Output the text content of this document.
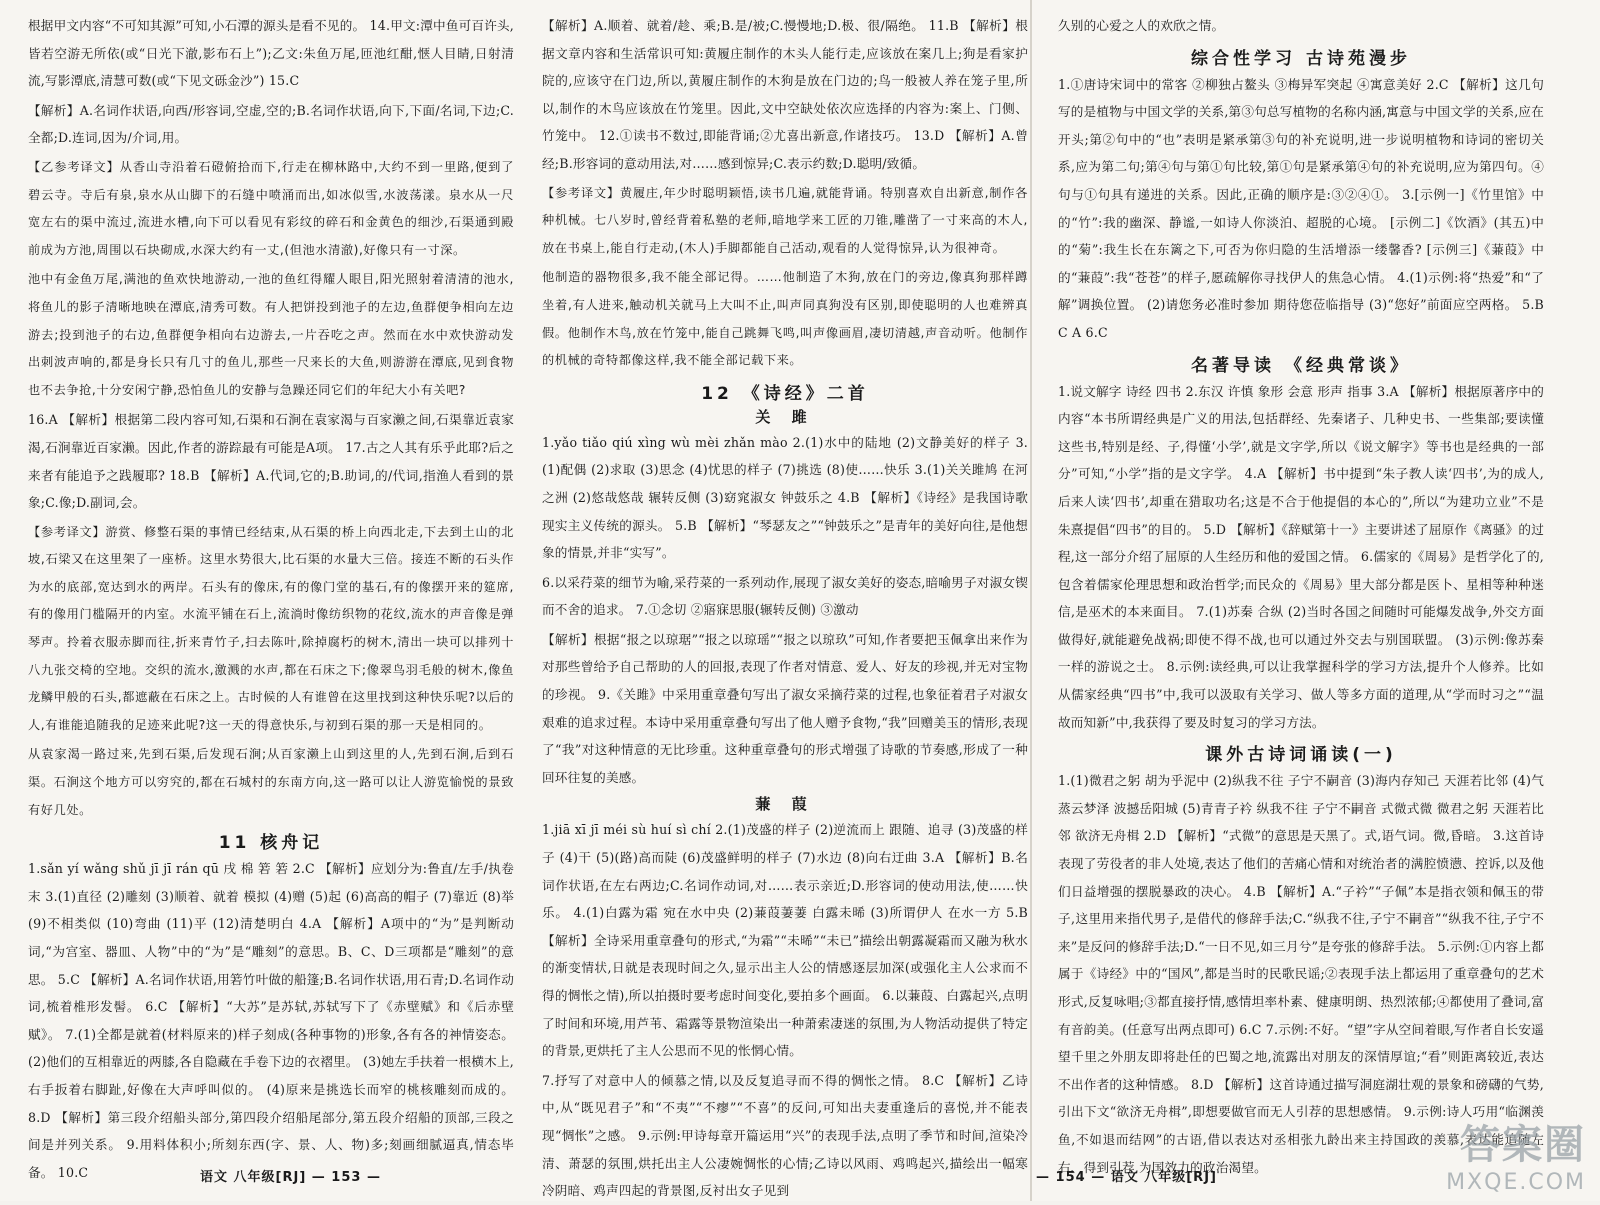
根据甲文内容“不可知其源”可知,小石潭的源头是看不见的。 14.甲文:潭中鱼可百许头,皆若空游无所依(或“日光下澈,影布石上”);乙文:朱鱼万尾,匝池红酣,惬人目睛,日射清流,写影潭底,清慧可数(或“下见文砾金沙”) 15.C

【解析】A.名词作状语,向西/形容词,空虚,空的;B.名词作状语,向下,下面/名词,下边;C.全都;D.连词,因为/介词,用。

【乙参考译文】从香山寺沿着石磴俯拾而下,行走在柳林路中,大约不到一里路,便到了碧云寺。寺后有泉,泉水从山脚下的石缝中喷涌而出,如冰似雪,水波荡漾。泉水从一尺宽左右的渠中流过,流进水槽,向下可以看见有彩纹的碎石和金黄色的细沙,石渠通到殿前成为方池,周围以石块砌成,水深大约有一丈,(但池水清澈),好像只有一寸深。

池中有金鱼万尾,满池的鱼欢快地游动,一池的鱼红得耀人眼目,阳光照射着清清的池水,将鱼儿的影子清晰地映在潭底,清秀可数。有人把饼投到池子的左边,鱼群便争相向左边游去;投到池子的右边,鱼群便争相向右边游去,一片吞吃之声。然而在水中欢快游动发出刺波声响的,都是身长只有几寸的鱼儿,那些一尺来长的大鱼,则游游在潭底,见到食物也不去争抢,十分安闲宁静,恐怕鱼儿的安静与急躁还同它们的年纪大小有关吧?

16.A 【解析】根据第二段内容可知,石渠和石涧在袁家渴与百家濑之间,石渠靠近袁家渴,石涧靠近百家濑。因此,作者的游踪最有可能是A项。 17.古之人其有乐乎此耶?后之来者有能追予之践履耶? 18.B 【解析】A.代词,它的;B.助词,的/代词,指渔人看到的景象;C.像;D.副词,会。

【参考译文】游赏、修整石渠的事情已经结束,从石渠的桥上向西北走,下去到土山的北坡,石梁又在这里架了一座桥。这里水势很大,比石渠的水量大三倍。接连不断的石头作为水的底部,宽达到水的两岸。石头有的像床,有的像门堂的基石,有的像摆开来的筵席,有的像用门槛隔开的内室。水流平铺在石上,流淌时像纺织物的花纹,流水的声音像是弹琴声。拎着衣服赤脚而往,折来青竹子,扫去陈叶,除掉腐朽的树木,清出一块可以排列十八九张交椅的空地。交织的流水,激溅的水声,都在石床之下;像翠鸟羽毛般的树木,像鱼龙鳞甲般的石头,都遮蔽在石床之上。古时候的人有谁曾在这里找到这种快乐呢?以后的人,有谁能追随我的足迹来此呢?这一天的得意快乐,与初到石渠的那一天是相同的。

从袁家渴一路过来,先到石渠,后发现石涧;从百家濑上山到这里的人,先到石涧,后到石渠。石涧这个地方可以穷究的,都在石城村的东南方向,这一路可以让人游览愉悦的景致有好几处。

11 核舟记

1.sǎn yí wǎng shǔ jī jī rán qū 戌 棉 箬 箬 2.C 【解析】应划分为:鲁直/左手/执卷末 3.(1)直径 (2)雕刻 (3)顺着、就着 模拟 (4)赠 (5)起 (6)高高的帽子 (7)靠近 (8)举 (9)不相类似 (10)弯曲 (11)平 (12)清楚明白 4.A 【解析】A项中的“为”是判断动词,“为宫室、器皿、人物”中的“为”是“雕刻”的意思。B、C、D三项都是“雕刻”的意思。 5.C 【解析】A.名词作状语,用箬竹叶做的船篷;B.名词作状语,用石青;D.名词作动词,梳着椎形发髻。 6.C 【解析】“大苏”是苏轼,苏轼写下了《赤壁赋》和《后赤壁赋》。 7.(1)全都是就着(材料原来的)样子刻成(各种事物的)形象,各有各的神情姿态。 (2)他们的互相靠近的两膝,各自隐藏在手卷下边的衣褶里。 (3)她左手扶着一根横木上,右手扳着右脚趾,好像在大声呼叫似的。 (4)原来是挑选长而窄的桃核雕刻而成的。 8.D 【解析】第三段介绍船头部分,第四段介绍船尾部分,第五段介绍船的顶部,三段之间是并列关系。 9.用料体积小;所刻东西(字、景、人、物)多;刻画细腻逼真,情态毕备。 10.C

【解析】A.顺着、就着/趁、乘;B.是/被;C.慢慢地;D.极、很/隔绝。 11.B 【解析】根据文章内容和生活常识可知:黄履庄制作的木头人能行走,应该放在案几上;狗是看家护院的,应该守在门边,所以,黄履庄制作的木狗是放在门边的;鸟一般被人养在笼子里,所以,制作的木鸟应该放在竹笼里。因此,文中空缺处依次应选择的内容为:案上、门侧、竹笼中。 12.①读书不数过,即能背诵;②尤喜出新意,作诸技巧。 13.D 【解析】A.曾经;B.形容词的意动用法,对……感到惊异;C.表示约数;D.聪明/致循。

【参考译文】黄履庄,年少时聪明颖悟,读书几遍,就能背诵。特别喜欢自出新意,制作各种机械。七八岁时,曾经背着私塾的老师,暗地学来工匠的刀锥,雕凿了一寸来高的木人,放在书桌上,能自行走动,(木人)手脚都能自己活动,观看的人觉得惊异,认为很神奇。

他制造的器物很多,我不能全部记得。……他制造了木狗,放在门的旁边,像真狗那样蹲坐着,有人进来,触动机关就马上大叫不止,叫声同真狗没有区别,即使聪明的人也难辨真假。他制作木鸟,放在竹笼中,能自己跳舞飞鸣,叫声像画眉,凄切清越,声音动听。他制作的机械的奇特都像这样,我不能全部记载下来。

12 《诗经》二首
关 雎

1.yǎo tiǎo qiú xìng wù mèi zhǎn mào 2.(1)水中的陆地 (2)文静美好的样子 3.(1)配偶 (2)求取 (3)思念 (4)忧思的样子 (7)挑选 (8)使……快乐 3.(1)关关雎鸠 在河之洲 (2)悠哉悠哉 辗转反侧 (3)窈窕淑女 钟鼓乐之 4.B 【解析】《诗经》是我国诗歌现实主义传统的源头。 5.B 【解析】“琴瑟友之”“钟鼓乐之”是青年的美好向往,是他想象的情景,并非“实写”。

6.以采荇菜的细节为喻,采荇菜的一系列动作,展现了淑女美好的姿态,暗喻男子对淑女锲而不舍的追求。 7.①念切 ②寤寐思服(辗转反侧) ③激动

【解析】根据“报之以琼琚”“报之以琼瑶”“报之以琼玖”可知,作者要把玉佩拿出来作为对那些曾给予自己帮助的人的回报,表现了作者对情意、爱人、好友的珍视,并无对宝物的珍视。 9.《关雎》中采用重章叠句写出了淑女采摘荇菜的过程,也象征着君子对淑女艰难的追求过程。本诗中采用重章叠句写出了他人赠予食物,“我”回赠美玉的情形,表现了“我”对这种情意的无比珍重。这种重章叠句的形式增强了诗歌的节奏感,形成了一种回环往复的美感。

蒹 葭

1.jiā xī jī méi sù huí sì chí 2.(1)茂盛的样子 (2)逆流而上 跟随、追寻 (3)茂盛的样子 (4)干 (5)(路)高而陡 (6)茂盛鲜明的样子 (7)水边 (8)向右迂曲 3.A 【解析】B.名词作状语,在左右两边;C.名词作动词,对……表示亲近;D.形容词的使动用法,使……快乐。 4.(1)白露为霜 宛在水中央 (2)蒹葭萋萋 白露未晞 (3)所谓伊人 在水一方 5.B 【解析】全诗采用重章叠句的形式,“为霜”“未晞”“未已”描绘出朝露凝霜而又融为秋水的渐变情状,日就是表现时间之久,显示出主人公的情感逐层加深(或强化主人公求而不得的惆怅之情),所以拍摄时要考虑时间变化,要拍多个画面。 6.以蒹葭、白露起兴,点明了时间和环境,用芦苇、霜露等景物渲染出一种萧索凄迷的氛围,为人物活动提供了特定的背景,更烘托了主人公思而不见的怅惘心情。

7.抒写了对意中人的倾慕之情,以及反复追寻而不得的惆怅之情。 8.C 【解析】乙诗中,从“既见君子”和“不夷”“不瘳”“不喜”的反问,可知出夫妻重逢后的喜悦,并不能表现“惆怅”之感。 9.示例:甲诗每章开篇运用“兴”的表现手法,点明了季节和时间,渲染冷清、萧瑟的氛围,烘托出主人公凄婉惆怅的心情;乙诗以风雨、鸡鸣起兴,描绘出一幅寒冷阴暗、鸡声四起的背景图,反衬出女子见到

久别的心爱之人的欢欣之情。

综合性学习 古诗苑漫步

1.①唐诗宋词中的常客 ②柳独占鳌头 ③梅异军突起 ④寓意美好 2.C 【解析】这几句写的是植物与中国文学的关系,第③句总写植物的名称内涵,寓意与中国文学的关系,应在开头;第②句中的“也”表明是紧承第③句的补充说明,进一步说明植物和诗词的密切关系,应为第二句;第④句与第①句比较,第①句是紧承第④句的补充说明,应为第四句。④句与①句具有递进的关系。因此,正确的顺序是:③②④①。 3.[示例一]《竹里馆》中的“竹”:我的幽深、静谧,一如诗人你淡泊、超脱的心境。 [示例二]《饮酒》(其五)中的“菊”:我生长在东篱之下,可否为你归隐的生活增添一缕馨香? [示例三]《蒹葭》中的“蒹葭”:我“苍苍”的样子,愿疏解你寻找伊人的焦急心情。 4.(1)示例:将“热爱”和“了解”调换位置。 (2)请您务必准时参加 期待您莅临指导 (3)“您好”前面应空两格。 5.B C A 6.C

名著导读 《经典常谈》

1.说文解字 诗经 四书 2.东汉 许慎 象形 会意 形声 指事 3.A 【解析】根据原著序中的内容“本书所谓经典是广义的用法,包括群经、先秦诸子、几种史书、一些集部;要读懂这些书,特别是经、子,得懂‘小学’,就是文字学,所以《说文解字》等书也是经典的一部分”可知,“小学”指的是文字学。 4.A 【解析】书中提到“朱子教人读‘四书’,为的成人,后来人读‘四书’,却重在猎取功名;这是不合于他提倡的本心的”,所以“为建功立业”不是朱熹提倡“四书”的目的。 5.D 【解析】《辞赋第十一》主要讲述了屈原作《离骚》的过程,这一部分介绍了屈原的人生经历和他的爱国之情。 6.儒家的《周易》是哲学化了的,包含着儒家伦理思想和政治哲学;而民众的《周易》里大部分都是医卜、星相等种种迷信,是巫术的本来面目。 7.(1)苏秦 合纵 (2)当时各国之间随时可能爆发战争,外交方面做得好,就能避免战祸;即使不得不战,也可以通过外交去与别国联盟。 (3)示例:像苏秦一样的游说之士。 8.示例:读经典,可以让我掌握科学的学习方法,提升个人修养。比如从儒家经典“四书”中,我可以汲取有关学习、做人等多方面的道理,从“学而时习之”“温故而知新”中,我获得了要及时复习的学习方法。

课外古诗词诵读(一)

1.(1)微君之躬 胡为乎泥中 (2)纵我不往 子宁不嗣音 (3)海内存知己 天涯若比邻 (4)气蒸云梦泽 波撼岳阳城 (5)青青子衿 纵我不往 子宁不嗣音 式微式微 微君之躬 天涯若比邻 欲济无舟楫 2.D 【解析】“式微”的意思是天黑了。式,语气词。微,昏暗。 3.这首诗表现了劳役者的非人处境,表达了他们的苦痛心情和对统治者的满腔愤懑、控诉,以及他们日益增强的摆脱暴政的决心。 4.B 【解析】A.“子衿”“子佩”本是指衣领和佩玉的带子,这里用来指代男子,是借代的修辞手法;C.“纵我不往,子宁不嗣音”“纵我不往,子宁不来”是反问的修辞手法;D.“一日不见,如三月兮”是夸张的修辞手法。 5.示例:①内容上都属于《诗经》中的“国风”,都是当时的民歌民谣;②表现手法上都运用了重章叠句的艺术形式,反复咏唱;③都直接抒情,感情坦率朴素、健康明朗、热烈浓郁;④都使用了叠词,富有音韵美。(任意写出两点即可) 6.C 7.示例:不好。“望”字从空间着眼,写作者自长安遥望千里之外朋友即将赴任的巴蜀之地,流露出对朋友的深情厚谊;“看”则距离较近,表达不出作者的这种情感。 8.D 【解析】这首诗通过描写洞庭湖壮观的景象和磅礴的气势,引出下文“欲济无舟楫”,即想要做官而无人引荐的思想感情。 9.示例:诗人巧用“临渊羡鱼,不如退而结网”的古语,借以表达对丞相张九龄出来主持国政的羡慕,表达能追随左右、得到引荐,为国效力的政治渴望。

语文 八年级[RJ] — 153 —	— 154 — 语文 八年级[RJ]
答案圈
MXQE.COM
